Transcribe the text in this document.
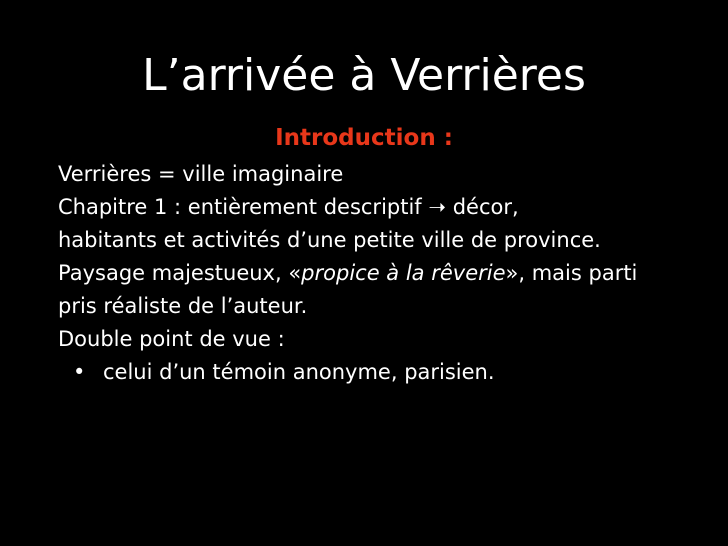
L’arrivée à Verrières
Introduction :
Verrières = ville imaginaire
Chapitre 1 : entièrement descriptif ➝ décor,
habitants et activités d’une petite ville de province.
Paysage majestueux, «propice à la rêverie», mais parti
pris réaliste de l’auteur.
Double point de vue :
• celui d’un témoin anonyme, parisien.
